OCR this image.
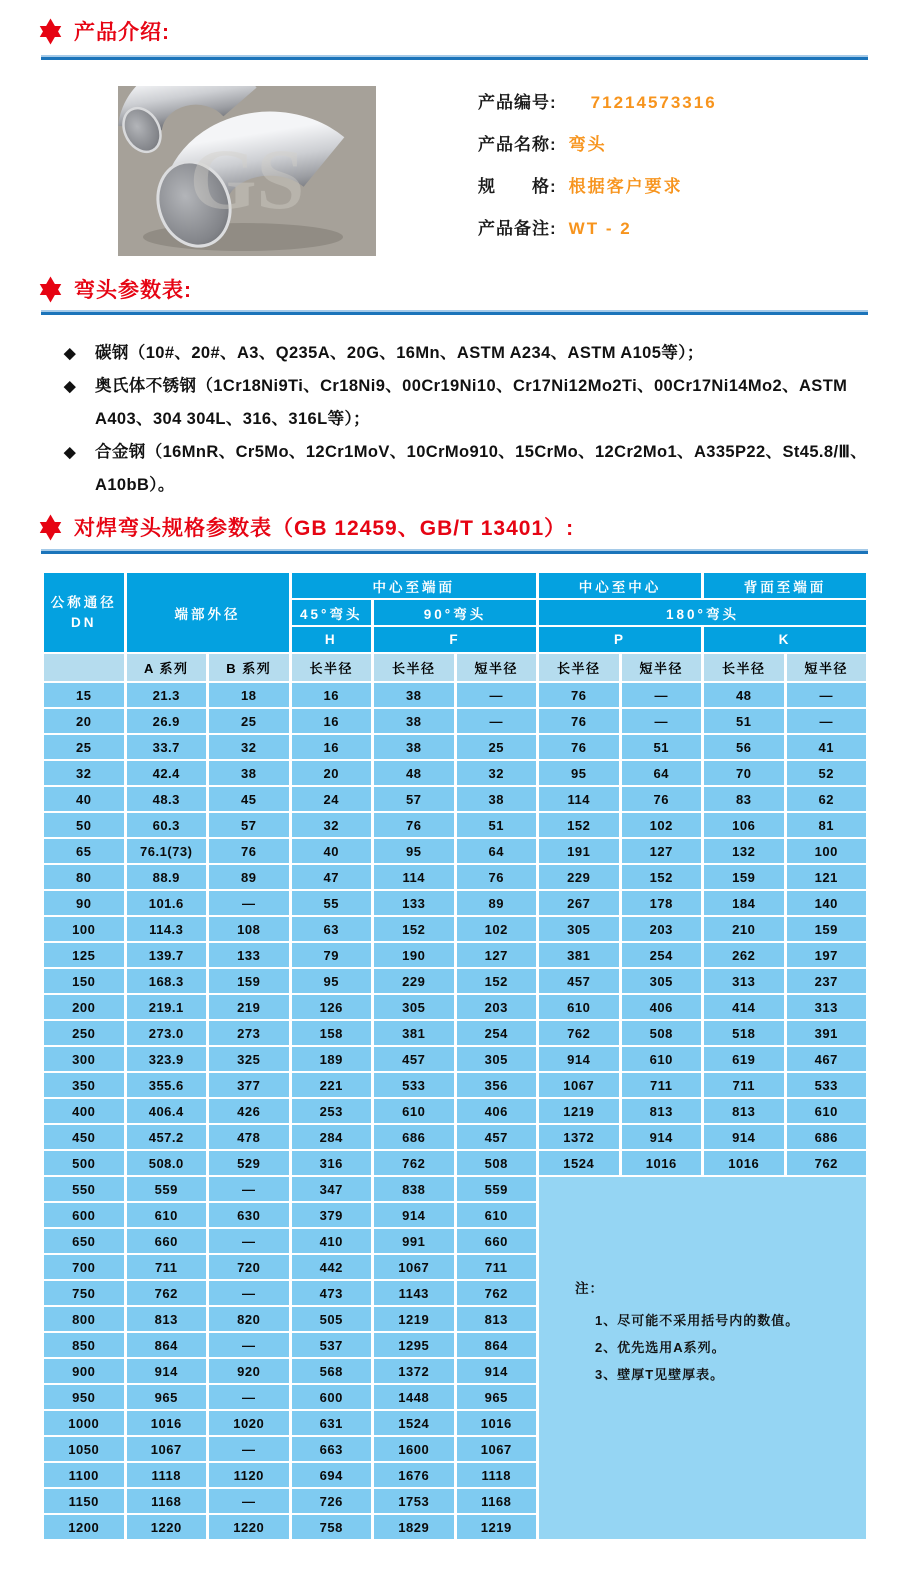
产品介绍:
GS
产品编号: 71214573316
产品名称: 弯头
规　　格: 根据客户要求
产品备注: WT - 2
弯头参数表:
◆ 碳钢（10#、20#、A3、Q235A、20G、16Mn、ASTM A234、ASTM A105等）；
◆ 奥氏体不锈钢（1Cr18Ni9Ti、Cr18Ni9、00Cr19Ni10、Cr17Ni12Mo2Ti、00Cr17Ni14Mo2、ASTM A403、304 304L、316、316L等）；
◆ 合金钢（16MnR、Cr5Mo、12Cr1MoV、10CrMo910、15CrMo、12Cr2Mo1、A335P22、St45.8/Ⅲ、A10bB）。
对焊弯头规格参数表（GB 12459、GB/T 13401）:
公称通径
DN	端部外径		中心至端面			中心至中心		背面至端面	
			45°弯头	90°弯头		180°弯头			
			H	F		P		K	
	A 系列	B 系列	长半径	长半径	短半径	长半径	短半径	长半径	短半径
15	21.3	18	16	38	—	76	—	48	—
20	26.9	25	16	38	—	76	—	51	—
25	33.7	32	16	38	25	76	51	56	41
32	42.4	38	20	48	32	95	64	70	52
40	48.3	45	24	57	38	114	76	83	62
50	60.3	57	32	76	51	152	102	106	81
65	76.1(73)	76	40	95	64	191	127	132	100
80	88.9	89	47	114	76	229	152	159	121
90	101.6	—	55	133	89	267	178	184	140
100	114.3	108	63	152	102	305	203	210	159
125	139.7	133	79	190	127	381	254	262	197
150	168.3	159	95	229	152	457	305	313	237
200	219.1	219	126	305	203	610	406	414	313
250	273.0	273	158	381	254	762	508	518	391
300	323.9	325	189	457	305	914	610	619	467
350	355.6	377	221	533	356	1067	711	711	533
400	406.4	426	253	610	406	1219	813	813	610
450	457.2	478	284	686	457	1372	914	914	686
500	508.0	529	316	762	508	1524	1016	1016	762
550	559	—	347	838	559	注：
1、尽可能不采用括号内的数值。
2、优先选用A系列。
3、壁厚T见壁厚表。			

600	610	630	379	914	610				
650	660	—	410	991	660				
700	711	720	442	1067	711				
750	762	—	473	1143	762				
800	813	820	505	1219	813				
850	864	—	537	1295	864				
900	914	920	568	1372	914				
950	965	—	600	1448	965				
1000	1016	1020	631	1524	1016				
1050	1067	—	663	1600	1067				
1100	1118	1120	694	1676	1118				
1150	1168	—	726	1753	1168				
1200	1220	1220	758	1829	1219				
